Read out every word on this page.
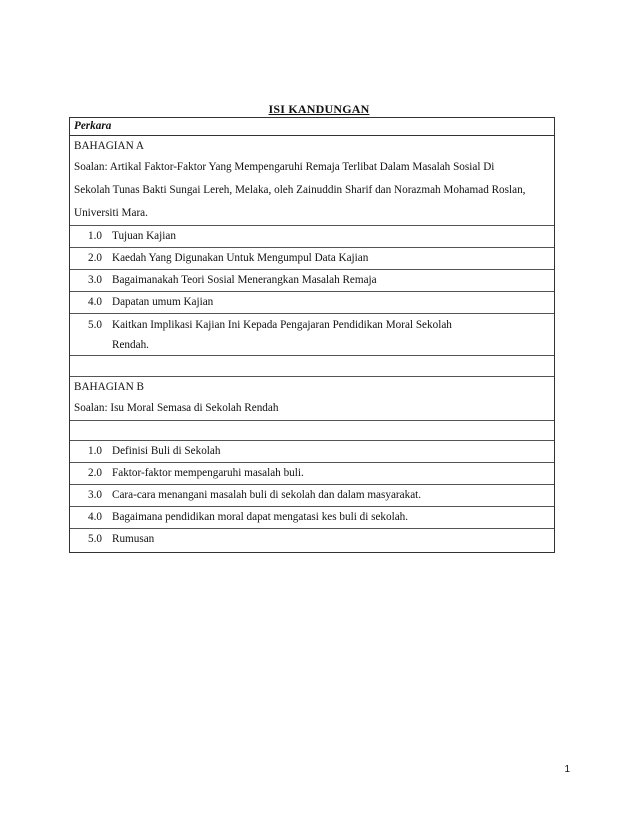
ISI KANDUNGAN
Perkara
BAHAGIAN A
Soalan: Artikal Faktor-Faktor Yang Mempengaruhi Remaja Terlibat Dalam Masalah Sosial Di
Sekolah Tunas Bakti Sungai Lereh, Melaka, oleh Zainuddin Sharif dan Norazmah Mohamad Roslan,
Universiti Mara.
1.0 Tujuan Kajian
2.0 Kaedah Yang Digunakan Untuk Mengumpul Data Kajian
3.0 Bagaimanakah Teori Sosial Menerangkan Masalah Remaja
4.0 Dapatan umum Kajian
5.0 Kaitkan Implikasi Kajian Ini Kepada Pengajaran Pendidikan Moral Sekolah
Rendah.
BAHAGIAN B
Soalan: Isu Moral Semasa di Sekolah Rendah
1.0 Definisi Buli di Sekolah
2.0 Faktor-faktor mempengaruhi masalah buli.
3.0 Cara-cara menangani masalah buli di sekolah dan dalam masyarakat.
4.0 Bagaimana pendidikan moral dapat mengatasi kes buli di sekolah.
5.0 Rumusan
1
